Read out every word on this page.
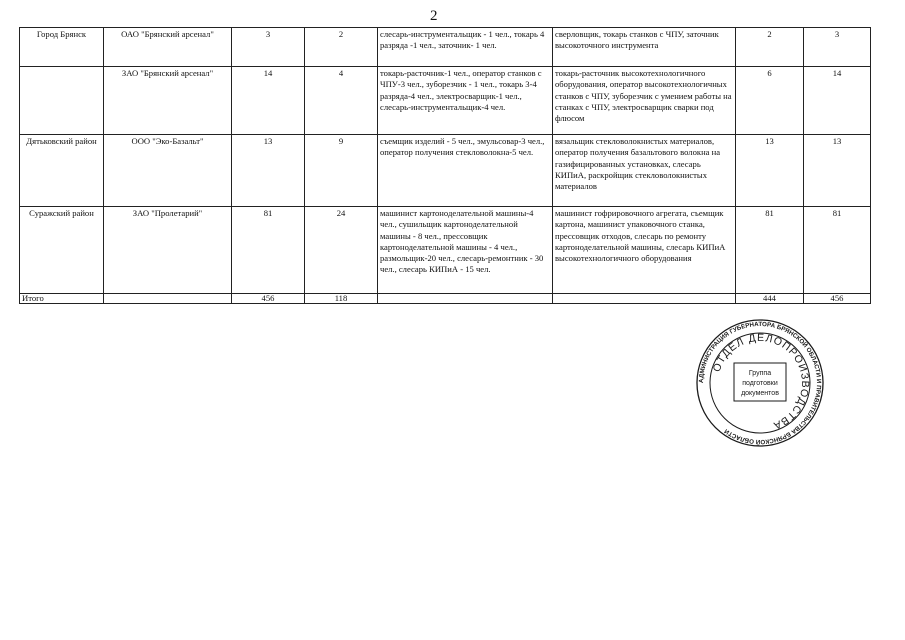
2
Город Брянск	ОАО "Брянский арсенал"	3	2	слесарь-инструментальщик - 1 чел., токарь 4 разряда -1 чел., заточник- 1 чел.	сверловщик, токарь станков с ЧПУ, заточник высокоточного инструмента	2	3
	ЗАО "Брянский арсенал"	14	4	токарь-расточник-1 чел., оператор станков с ЧПУ-3 чел., зуборезчик - 1 чел., токарь 3-4 разряда-4 чел., электросварщик-1 чел., слесарь-инструментальщик-4 чел.	токарь-расточник высокотехнологичного оборудования, оператор высокотехнологичных станков с ЧПУ, зуборезчик с умением работы на станках с ЧПУ, электросварщик сварки под флюсом	6	14
Дятьковский район	ООО "Эко-Базальт"	13	9	съемщик изделий - 5 чел., эмульсовар-3 чел., оператор получения стекловолокна-5 чел.	вязальщик стекловолокнистых материалов, оператор получения базальтового волокна на газифицированных установках, слесарь КИПиА, раскройщик стекловолокнистых материалов	13	13
Суражский район	ЗАО "Пролетарий"	81	24	машинист картоноделательной машины-4 чел., сушильщик картоноделательной машины - 8 чел., прессовщик картоноделательной машины - 4 чел., размольщик-20 чел., слесарь-ремонтник - 30 чел., слесарь КИПиА - 15 чел.	машинист гофрировочного агрегата, съемщик картона, машинист упаковочного станка, прессовщик отходов, слесарь по ремонту картоноделательной машины, слесарь КИПиА высокотехнологичного оборудования	81	81
Итого		456	118			444	456
АДМИНИСТРАЦИЯ ГУБЕРНАТОРА БРЯНСКОЙ ОБЛАСТИ И ПРАВИТЕЛЬСТВА БРЯНСКОЙ ОБЛАСТИ
ОТДЕЛ ДЕЛОПРОИЗВОДСТВА
Группа
подготовки
документов
